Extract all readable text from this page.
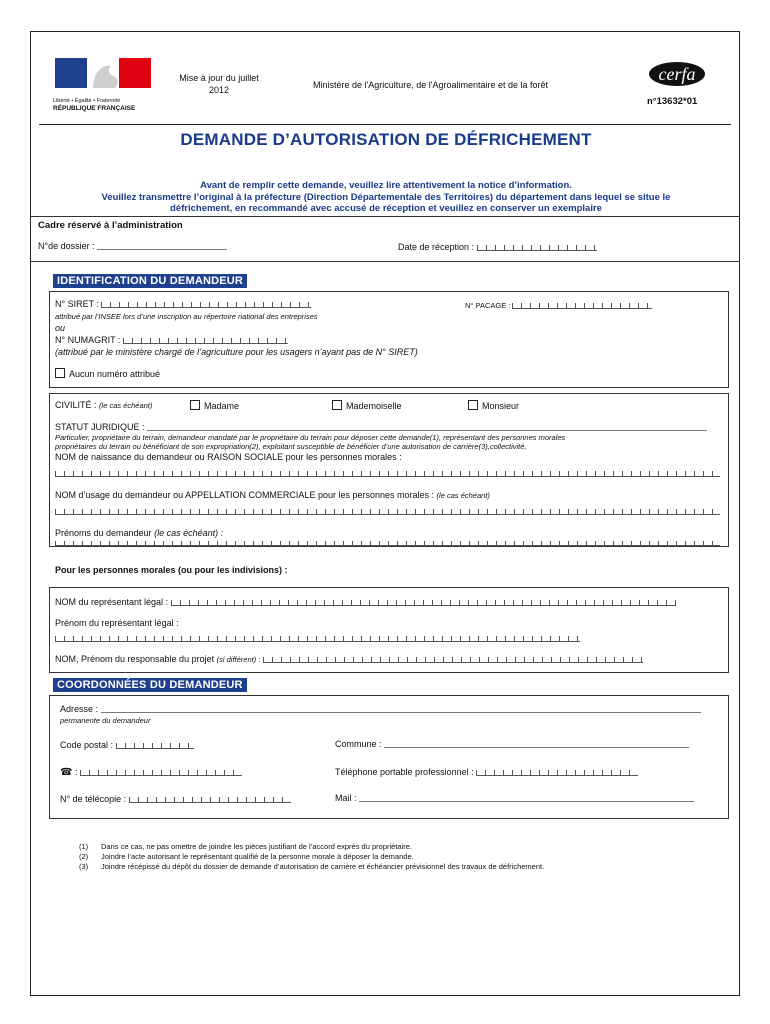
Liberté • Égalité • Fraternité
RÉPUBLIQUE FRANÇAISE
Mise à jour du juillet 2012	Ministère de l'Agriculture, de l'Agroalimentaire et de la forêt
cerfa
n°13632*01
DEMANDE D’AUTORISATION DE DÉFRICHEMENT
Avant de remplir cette demande, veuillez lire attentivement la notice d’information.
Veuillez transmettre l’original à la préfecture (Direction Départementale des Territoires) du département dans lequel se situe le
défrichement, en recommandé avec accusé de réception et veuillez en conserver un exemplaire
Cadre réservé à l’administration
N°de dossier :	Date de réception :
IDENTIFICATION DU DEMANDEUR
N° SIRET :
attribué par l’INSEE lors d’une inscription au répertoire national des entreprises
N° PACAGE :
ou
N° NUMAGRIT :
(attribué par le ministère chargé de l’agriculture pour les usagers n’ayant pas de N° SIRET)
Aucun numéro attribué
CIVILITÉ : (le cas échéant)	Madame	Mademoiselle	Monsieur
STATUT JURIDIQUE :
Particulier, propriétaire du terrain, demandeur mandaté par le propriétaire du terrain pour déposer cette demande(1), représentant des personnes morales
propriétaires du terrain ou bénéficiant de son expropriation(2), exploitant susceptible de bénéficier d’une autorisation de carrière(3),collectivité,
NOM de naissance du demandeur ou RAISON SOCIALE pour les personnes morales :
NOM d’usage du demandeur ou APPELLATION COMMERCIALE pour les personnes morales : (le cas échéant)
Prénoms du demandeur (le cas échéant) :
Pour les personnes morales (ou pour les indivisions) :
NOM du représentant légal :
Prénom du représentant légal :
NOM, Prénom du responsable du projet (si différent) :
COORDONNÉES DU DEMANDEUR
Adresse :
permanente du demandeur
Code postal :	Commune :
☎ :	Téléphone portable professionnel :
N° de télécopie :	Mail :
(1) Dans ce cas, ne pas omettre de joindre les pièces justifiant de l’accord exprès du propriétaire.
(2) Joindre l’acte autorisant le représentant qualifié de la personne morale à déposer la demande.
(3) Joindre récépissé du dépôt du dossier de demande d’autorisation de carrière et échéancier prévisionnel des travaux de défrichement.
